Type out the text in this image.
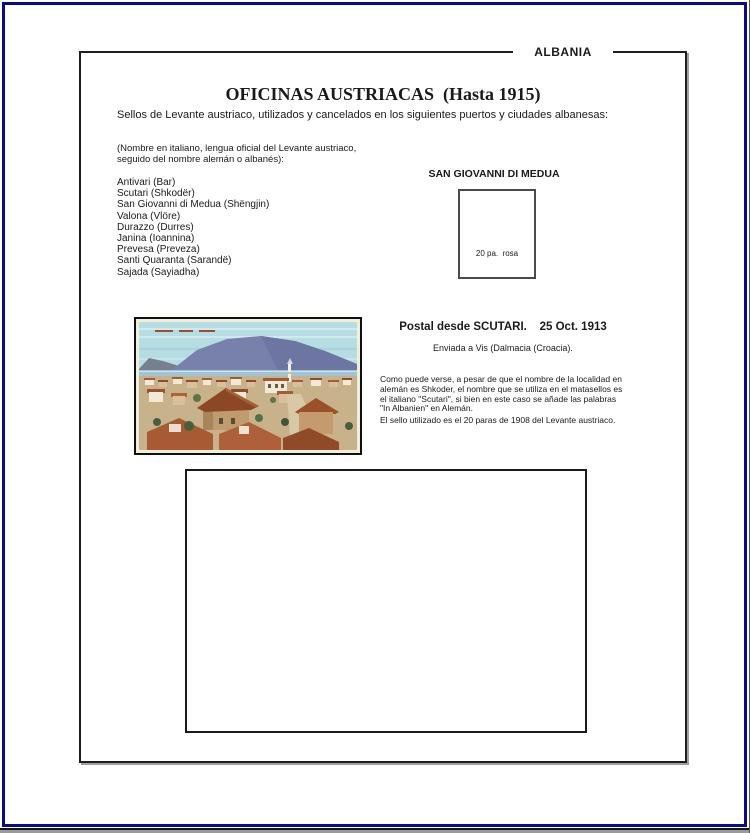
ALBANIA
OFICINAS AUSTRIACAS  (Hasta 1915)
Sellos de Levante austriaco, utilizados y cancelados en los siguientes puertos y ciudades albanesas:
(Nombre en italiano, lengua oficial del Levante austriaco,
seguido del nombre alemán o albanés):
Antivari (Bar)
Scutari (Shkodër)
San Giovanni di Medua (Shëngjin)
Valona (Vlöre)
Durazzo (Durres)
Janina (Ioannina)
Prevesa (Preveza)
Santi Quaranta (Sarandë)
Sajada (Sayiadha)
SAN GIOVANNI DI MEDUA
20 pa.  rosa
Postal desde SCUTARI.    25 Oct. 1913
Enviada a Vis (Dalmacia (Croacia).
Como puede verse, a pesar de que el nombre de la localidad en
alemán es Shkoder, el nombre que se utiliza en el matasellos es
el italiano "Scutari", si bien en este caso se añade las palabras
"In Albanien" en Alemán.
El sello utilizado es el 20 paras de 1908 del Levante austriaco.
